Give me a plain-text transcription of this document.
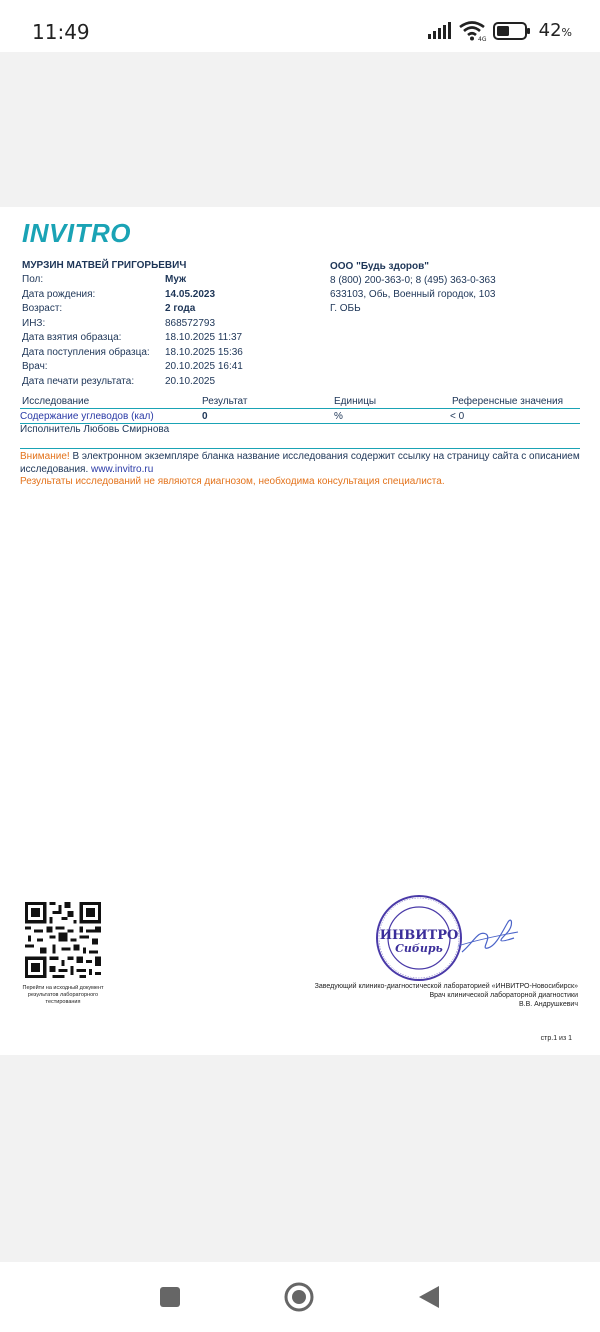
11:49	4G	42%
INVITRO
МУРЗИН МАТВЕЙ ГРИГОРЬЕВИЧ
Пол:	Муж
Дата рождения:	14.05.2023
Возраст:	2 года
ИНЗ:	868572793
Дата взятия образца:	18.10.2025 11:37
Дата поступления образца: 18.10.2025 15:36
Врач:	20.10.2025 16:41
Дата печати результата:	20.10.2025
ООО "Будь здоров"
8 (800) 200-363-0; 8 (495) 363-0-363
633103, Обь, Военный городок, 103
Г. ОБЬ
Исследование	Результат	Единицы	Референсные значения
Содержание углеводов (кал)	0	%	< 0
Исполнитель Любовь Смирнова
Внимание! В электронном экземпляре бланка название исследования содержит ссылку на страницу сайта с описанием исследования. www.invitro.ru
Результаты исследований не являются диагнозом, необходима консультация специалиста.
Перейти на исходный документ результатов лабораторного тестирования
ИНВИТРО
Сибирь
Заведующий клинико-диагностической лабораторией «ИНВИТРО-Новосибирск»
Врач клинической лабораторной диагностики
В.В. Андрушкевич
стр.1 из 1
